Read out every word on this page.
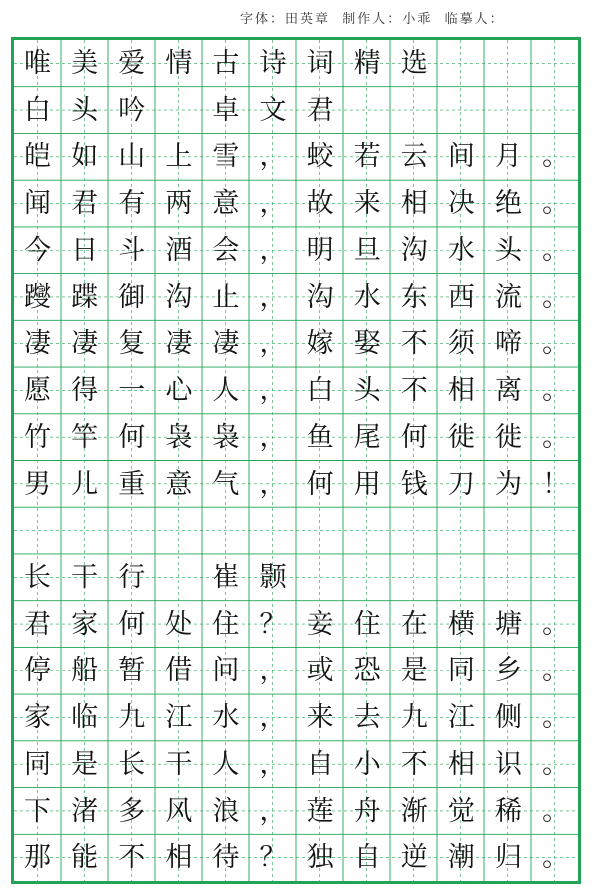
字体：田英章 制作人：小乖 临摹人：
唯 美 爱 情 古 诗 词 精 选
白 头 吟	卓 文 君
皑 如 山 上 雪 ， 蛟 若 云 间 月 。
闻 君 有 两 意 ， 故 来 相 决 绝 。
今 日 斗 酒 会 ， 明 旦 沟 水 头 。
躞 蹀 御 沟 止 ， 沟 水 东 西 流 。
凄 凄 复 凄 凄 ， 嫁 娶 不 须 啼 。
愿 得 一 心 人 ， 白 头 不 相 离 。
竹 竿 何 袅 袅 ， 鱼 尾 何 徙 徙 。
男 儿 重 意 气 ， 何 用 钱 刀 为 ！
长 干 行	崔 颢
君 家 何 处 住 ？ 妾 住 在 横 塘 。
停 船 暂 借 问 ， 或 恐 是 同 乡 。
家 临 九 江 水 ， 来 去 九 江 侧 。
同 是 长 干 人 ， 自 小 不 相 识 。
下 渚 多 风 浪 ， 莲 舟 渐 觉 稀 。
那 能 不 相 待 ？ 独 自 逆 潮 归 。
